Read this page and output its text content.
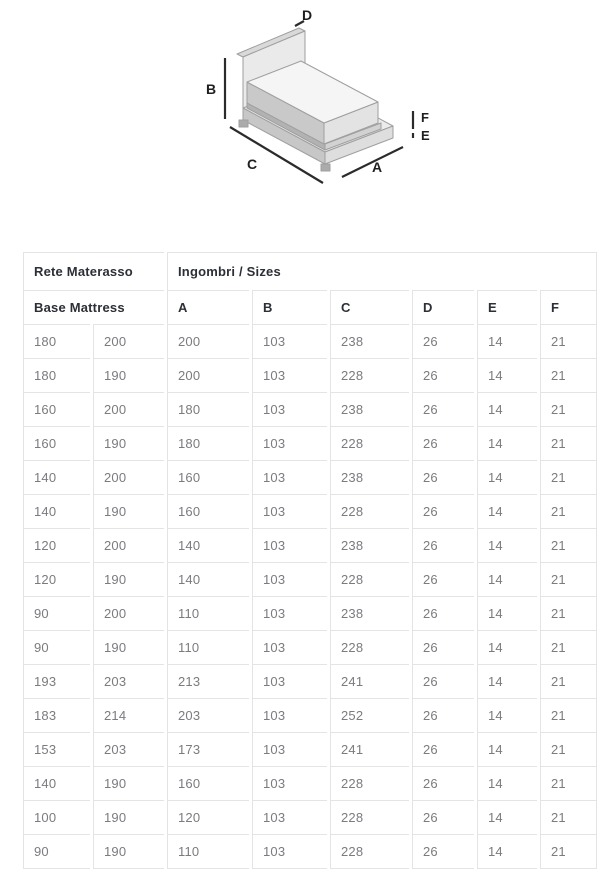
D
B
C	A
F
E
Rete Materasso		Ingombri / Sizes					
Base Mattress		A	B	C	D	E	F
180	200	200	103	238	26	14	21
180	190	200	103	228	26	14	21
160	200	180	103	238	26	14	21
160	190	180	103	228	26	14	21
140	200	160	103	238	26	14	21
140	190	160	103	228	26	14	21
120	200	140	103	238	26	14	21
120	190	140	103	228	26	14	21
90	200	110	103	238	26	14	21
90	190	110	103	228	26	14	21
193	203	213	103	241	26	14	21
183	214	203	103	252	26	14	21
153	203	173	103	241	26	14	21
140	190	160	103	228	26	14	21
100	190	120	103	228	26	14	21
90	190	110	103	228	26	14	21
